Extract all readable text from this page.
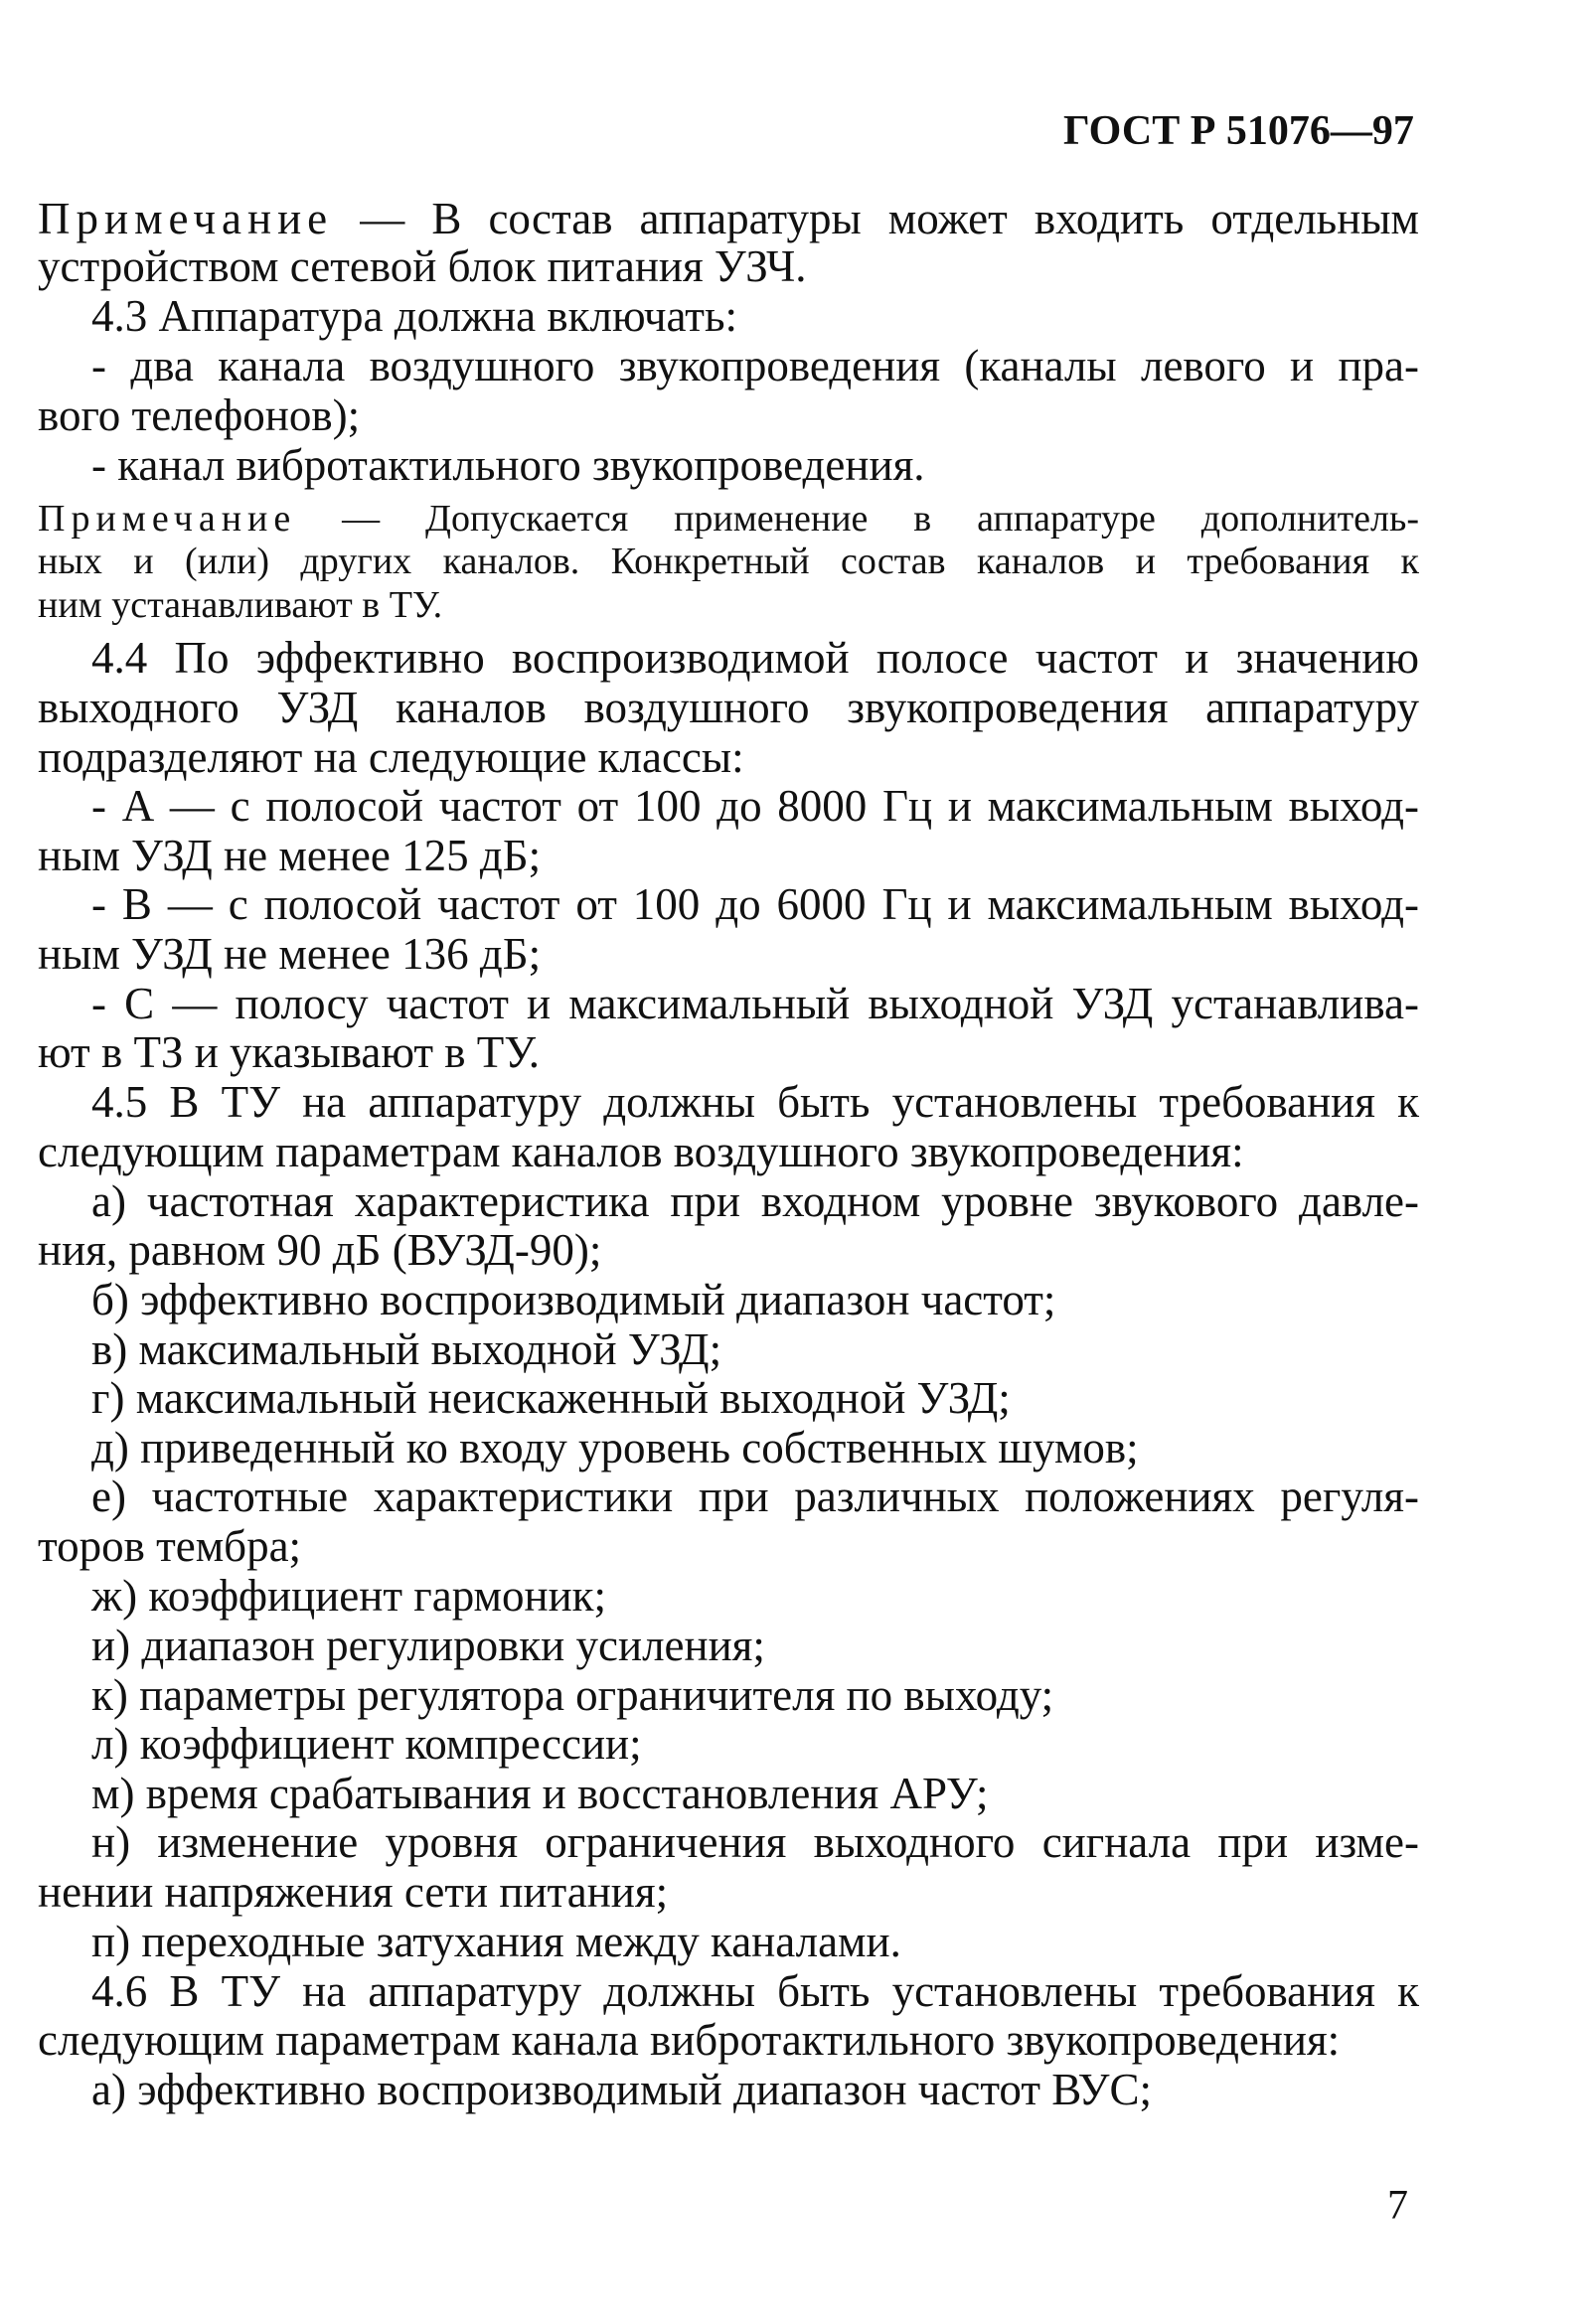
ГОСТ Р 51076—97
Примечание — В состав аппаратуры может входить отдельным
устройством сетевой блок питания УЗЧ.
4.3 Аппаратура должна включать:
- два канала воздушного звукопроведения (каналы левого и пра-
вого телефонов);
- канал вибротактильного звукопроведения.
Примечание — Допускается применение в аппаратуре дополнитель-
ных и (или) других каналов. Конкретный состав каналов и требования к
ним устанавливают в ТУ.
4.4 По эффективно воспроизводимой полосе частот и значению
выходного УЗД каналов воздушного звукопроведения аппаратуру
подразделяют на следующие классы:
- А — с полосой частот от 100 до 8000 Гц и максимальным выход-
ным УЗД не менее 125 дБ;
- В — с полосой частот от 100 до 6000 Гц и максимальным выход-
ным УЗД не менее 136 дБ;
- С — полосу частот и максимальный выходной УЗД устанавлива-
ют в ТЗ и указывают в ТУ.
4.5 В ТУ на аппаратуру должны быть установлены требования к
следующим параметрам каналов воздушного звукопроведения:
а) частотная характеристика при входном уровне звукового давле-
ния, равном 90 дБ (ВУЗД-90);
б) эффективно воспроизводимый диапазон частот;
в) максимальный выходной УЗД;
г) максимальный неискаженный выходной УЗД;
д) приведенный ко входу уровень собственных шумов;
е) частотные характеристики при различных положениях регуля-
торов тембра;
ж) коэффициент гармоник;
и) диапазон регулировки усиления;
к) параметры регулятора ограничителя по выходу;
л) коэффициент компрессии;
м) время срабатывания и восстановления АРУ;
н) изменение уровня ограничения выходного сигнала при изме-
нении напряжения сети питания;
п) переходные затухания между каналами.
4.6 В ТУ на аппаратуру должны быть установлены требования к
следующим параметрам канала вибротактильного звукопроведения:
а) эффективно воспроизводимый диапазон частот ВУС;
7
